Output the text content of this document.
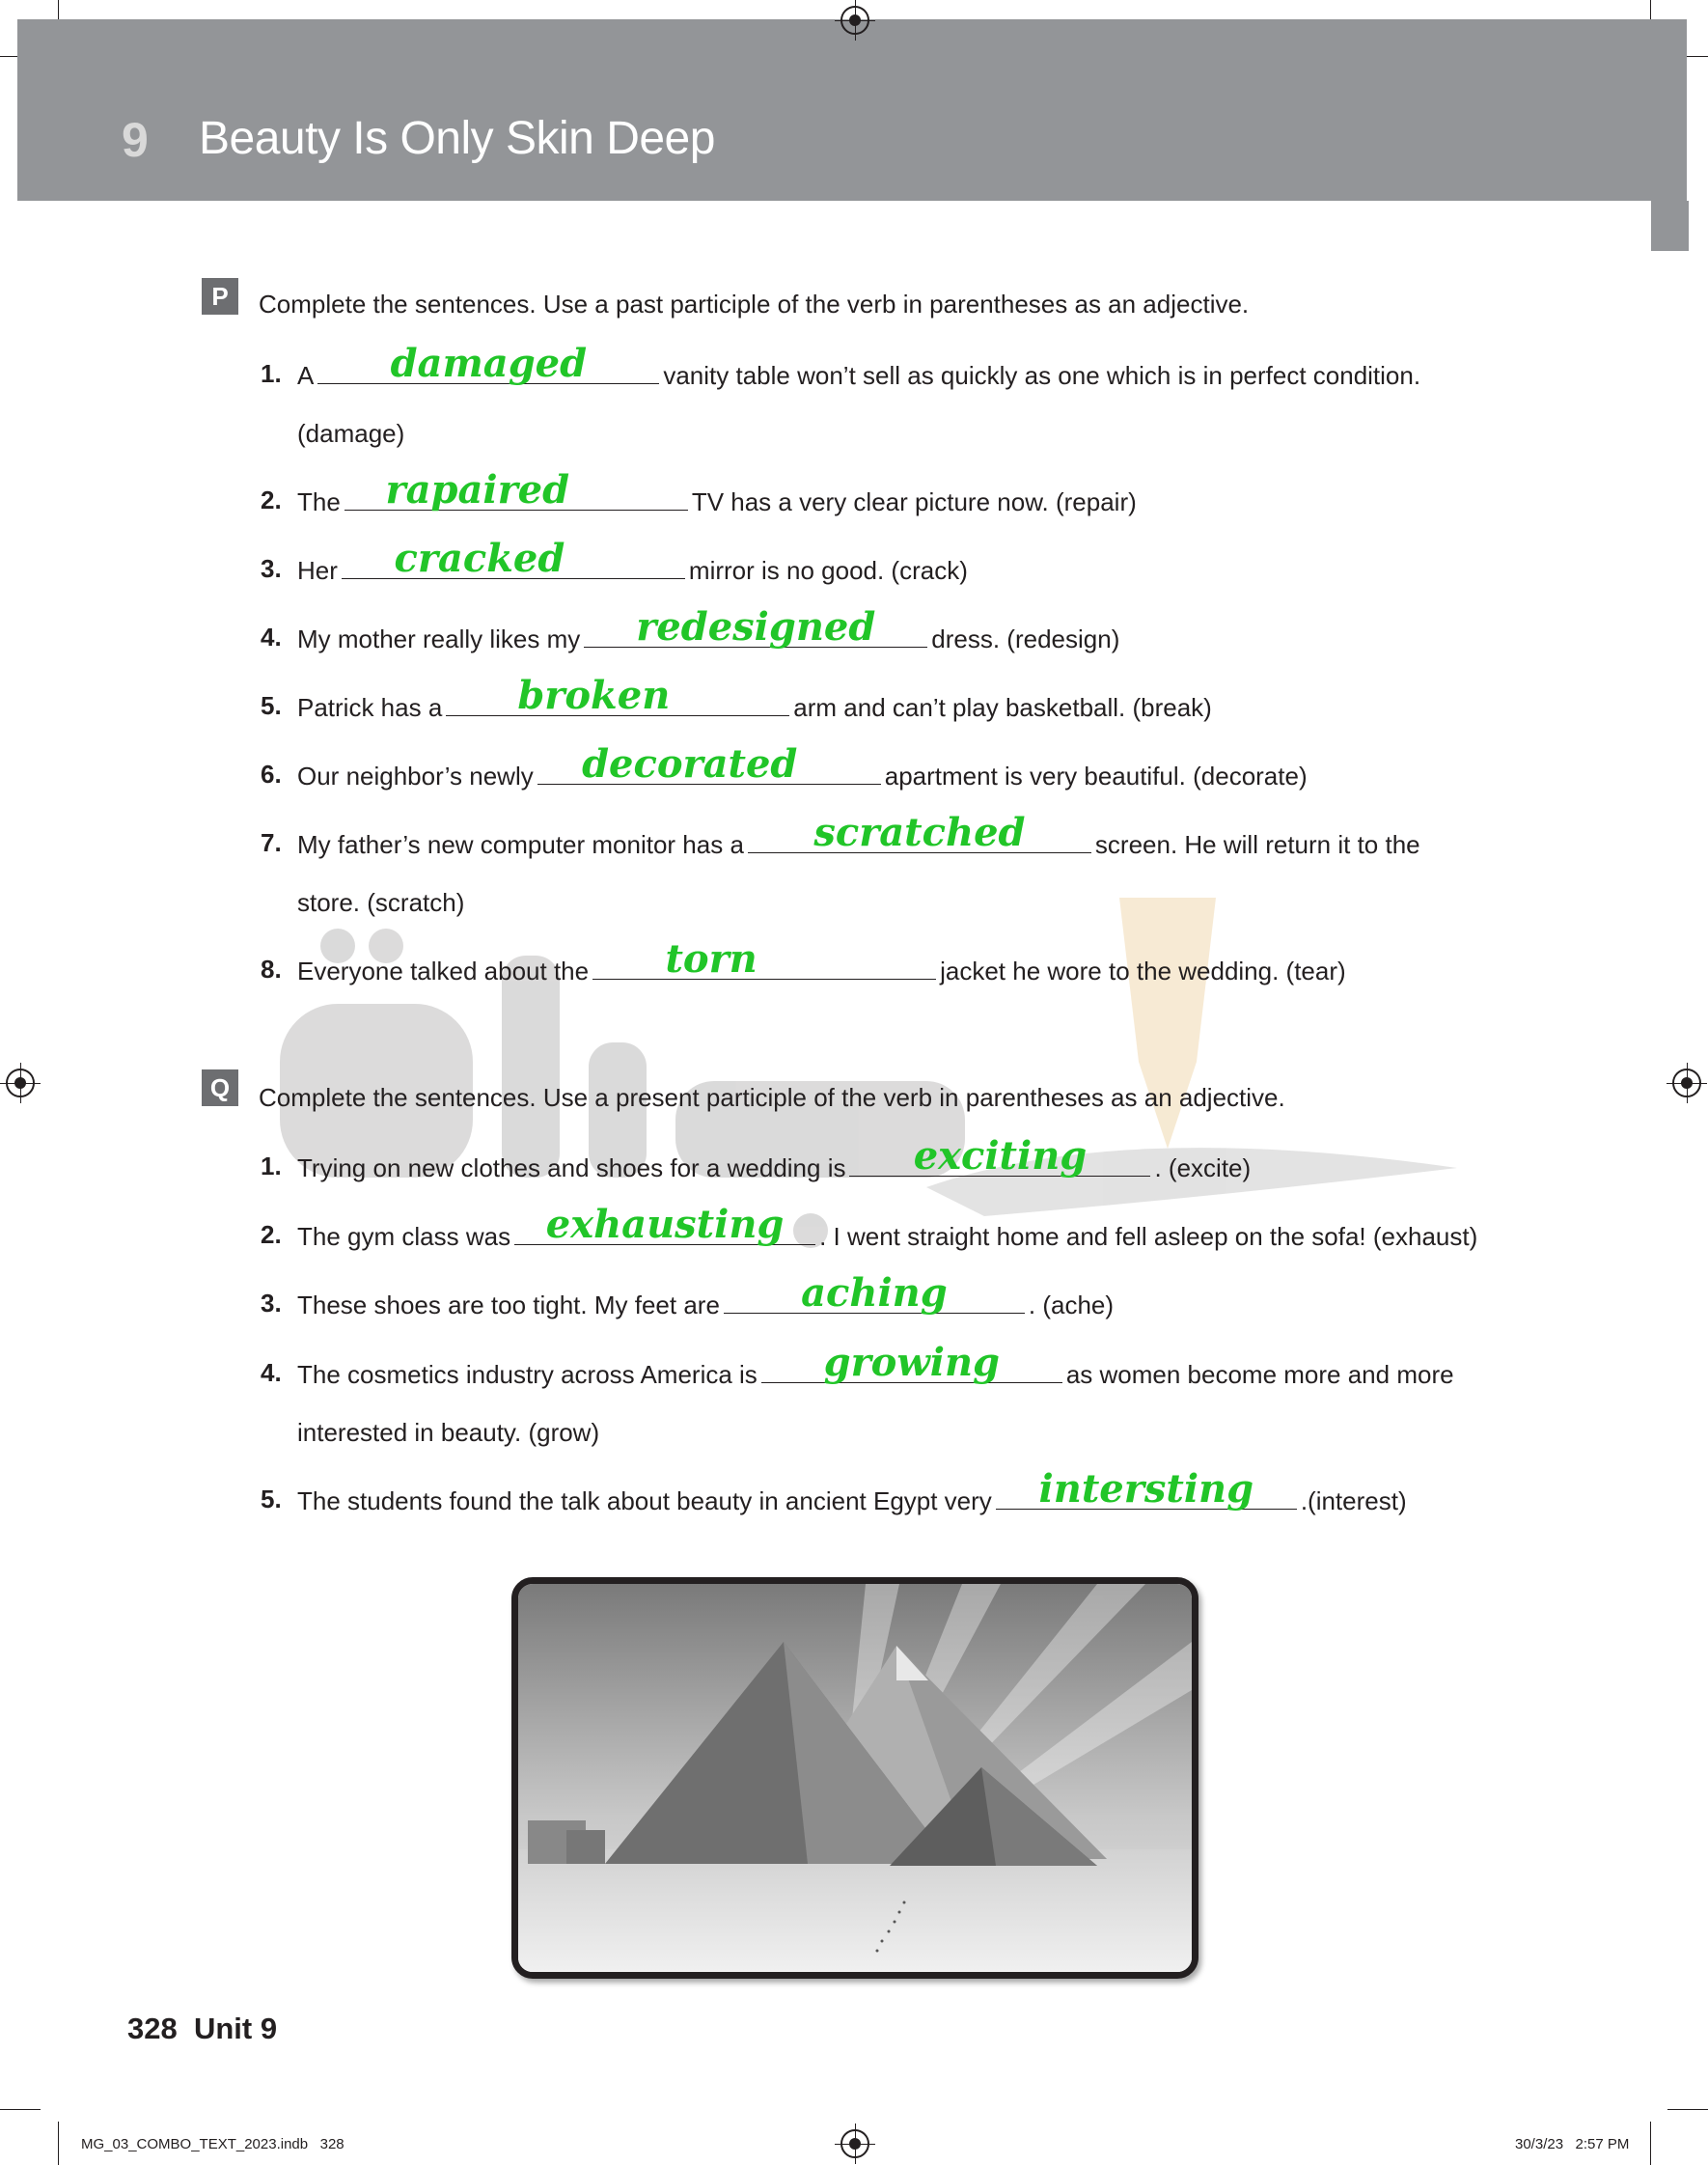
9 Beauty Is Only Skin Deep
P	Complete the sentences. Use a past participle of the verb in parentheses as an adjective.
1. A	damaged	vanity table won’t sell as quickly as one which is in perfect condition.
(damage)
2. The	rapaired	TV has a very clear picture now. (repair)
3. Her	cracked	mirror is no good. (crack)
4. My mother really likes my	redesigned	dress. (redesign)
5. Patrick has a	broken	arm and can’t play basketball. (break)
6. Our neighbor’s newly	decorated	apartment is very beautiful. (decorate)
7. My father’s new computer monitor has a	scratched	screen. He will return it to the
store. (scratch)
8. Everyone talked about the	torn	jacket he wore to the wedding. (tear)
Q	Complete the sentences. Use a present participle of the verb in parentheses as an adjective.
1. Trying on new clothes and shoes for a wedding is	exciting	. (excite)
2. The gym class was exhausting	. I went straight home and fell asleep on the sofa! (exhaust)
3. These shoes are too tight. My feet are	aching	. (ache)
4. The cosmetics industry across America is	growing	as women become more and more
interested in beauty. (grow)
5. The students found the talk about beauty in ancient Egypt very	intersting	.(interest)
328  Unit 9
MG_03_COMBO_TEXT_2023.indb   328	30/3/23   2:57 PM
